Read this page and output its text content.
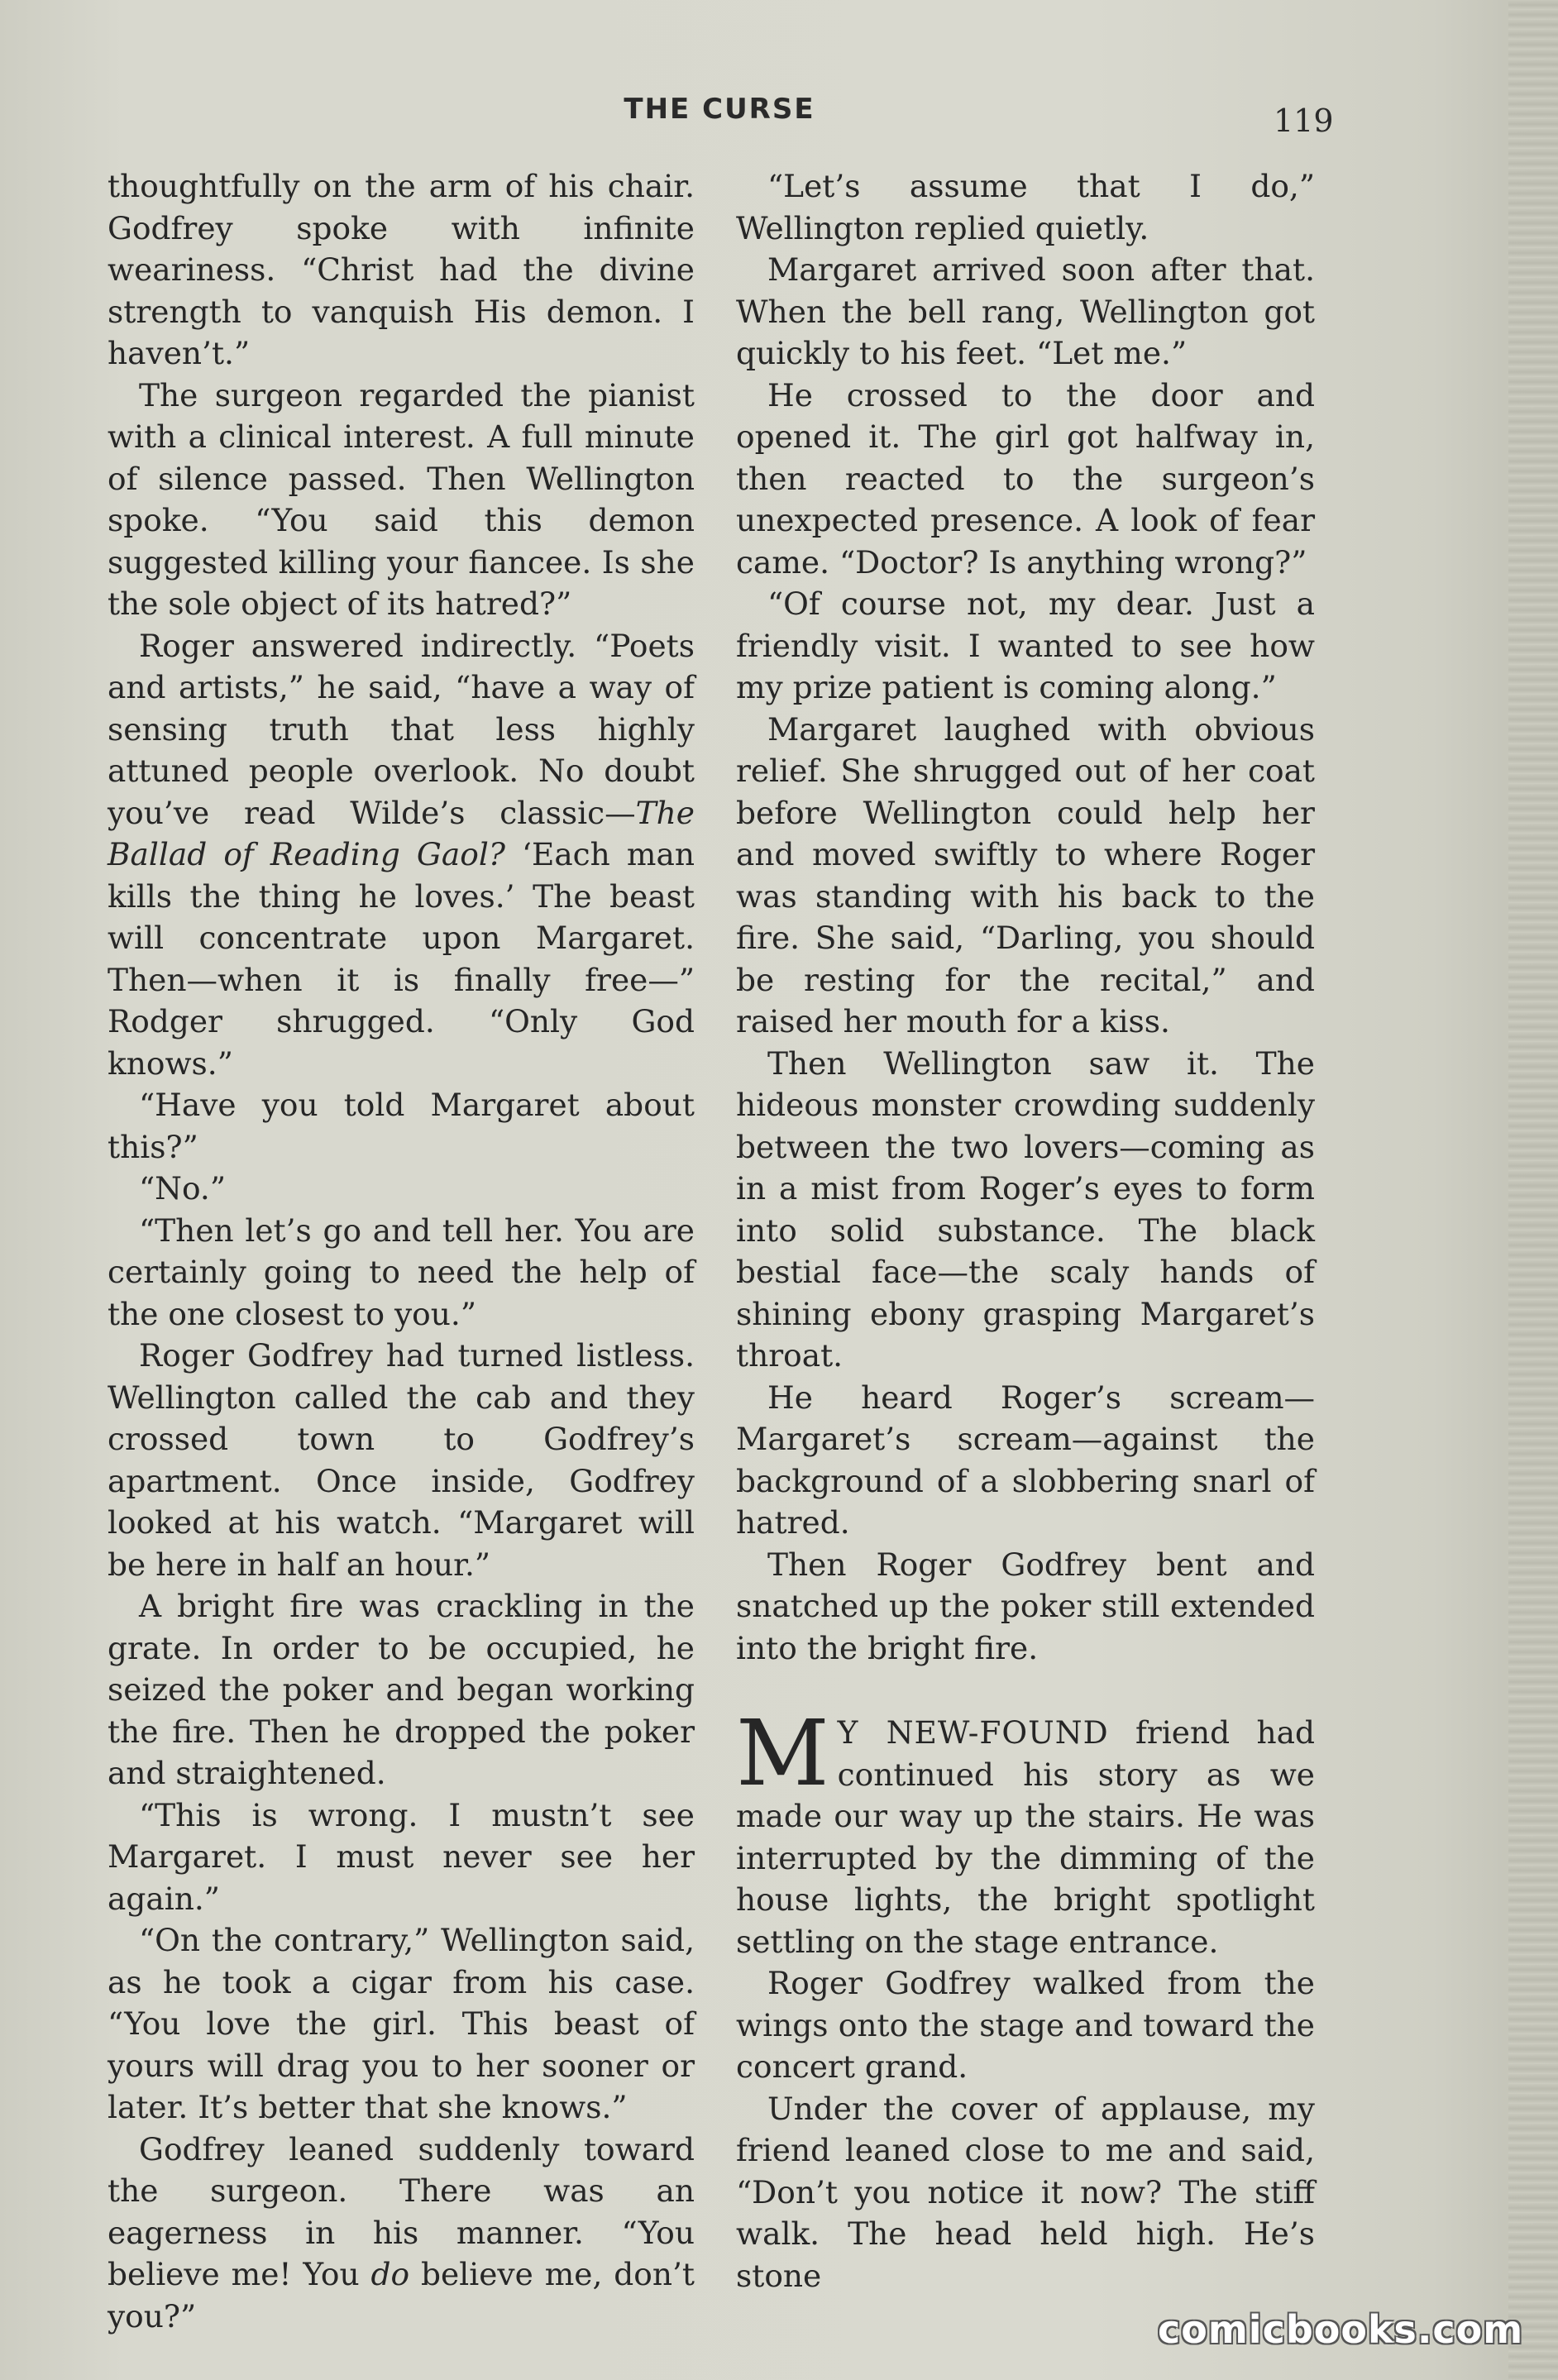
THE CURSE	119

thoughtfully on the arm of his chair. Godfrey spoke with infinite weariness. “Christ had the divine strength to vanquish His demon. I haven’t.”

The surgeon regarded the pianist with a clinical interest. A full minute of silence passed. Then Wellington spoke. “You said this demon suggested killing your fiancee. Is she the sole object of its hatred?”

Roger answered indirectly. “Poets and artists,” he said, “have a way of sensing truth that less highly attuned people overlook. No doubt you’ve read Wilde’s classic—The Ballad of Reading Gaol? ‘Each man kills the thing he loves.’ The beast will concentrate upon Margaret. Then—when it is finally free—” Rodger shrugged. “Only God knows.”

“Have you told Margaret about this?”

“No.”

“Then let’s go and tell her. You are certainly going to need the help of the one closest to you.”

Roger Godfrey had turned listless. Wellington called the cab and they crossed town to Godfrey’s apartment. Once inside, Godfrey looked at his watch. “Margaret will be here in half an hour.”

A bright fire was crackling in the grate. In order to be occupied, he seized the poker and began working the fire. Then he dropped the poker and straightened.

“This is wrong. I mustn’t see Margaret. I must never see her again.”

“On the contrary,” Wellington said, as he took a cigar from his case. “You love the girl. This beast of yours will drag you to her sooner or later. It’s better that she knows.”

Godfrey leaned suddenly toward the surgeon. There was an eagerness in his manner. “You believe me! You do believe me, don’t you?”

“Let’s assume that I do,” Wellington replied quietly.

Margaret arrived soon after that. When the bell rang, Wellington got quickly to his feet. “Let me.”

He crossed to the door and opened it. The girl got halfway in, then reacted to the surgeon’s unexpected presence. A look of fear came. “Doctor? Is anything wrong?”

“Of course not, my dear. Just a friendly visit. I wanted to see how my prize patient is coming along.”

Margaret laughed with obvious relief. She shrugged out of her coat before Wellington could help her and moved swiftly to where Roger was standing with his back to the fire. She said, “Darling, you should be resting for the recital,” and raised her mouth for a kiss.

Then Wellington saw it. The hideous monster crowding suddenly between the two lovers—coming as in a mist from Roger’s eyes to form into solid substance. The black bestial face—the scaly hands of shining ebony grasping Margaret’s throat.

He heard Roger’s scream—Margaret’s scream—against the background of a slobbering snarl of hatred.

Then Roger Godfrey bent and snatched up the poker still extended into the bright fire.

M Y NEW-FOUND friend had continued his story as we made our way up the stairs. He was interrupted by the dimming of the house lights, the bright spotlight settling on the stage entrance.

Roger Godfrey walked from the wings onto the stage and toward the concert grand.

Under the cover of applause, my friend leaned close to me and said, “Don’t you notice it now? The stiff walk. The head held high. He’s stone

comicbooks.com
